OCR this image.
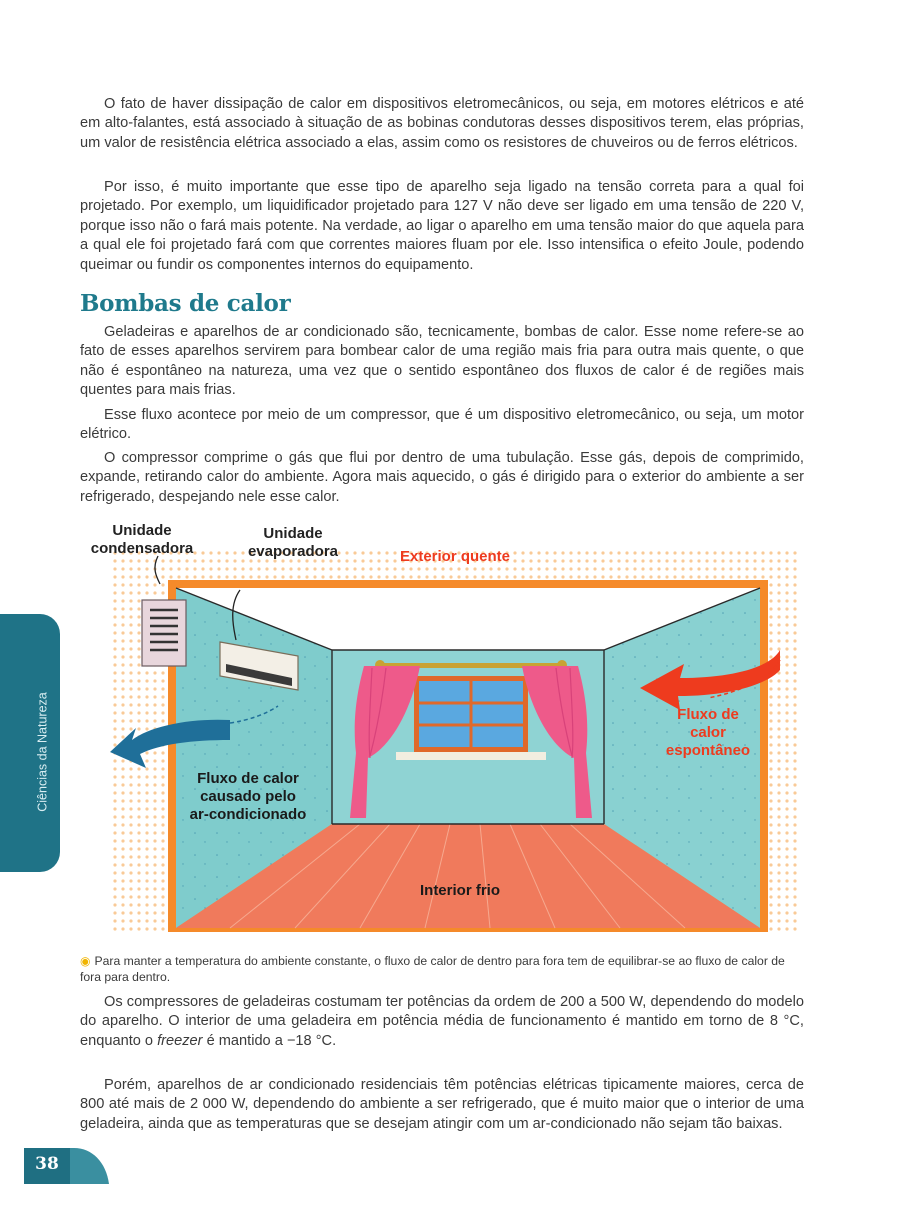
O fato de haver dissipação de calor em dispositivos eletromecânicos, ou seja, em motores elétricos e até em alto-falantes, está associado à situação de as bobinas condutoras desses dispositivos terem, elas próprias, um valor de resistência elétrica associado a elas, assim como os resistores de chuveiros ou de ferros elétricos.

Por isso, é muito importante que esse tipo de aparelho seja ligado na tensão correta para a qual foi projetado. Por exemplo, um liquidificador projetado para 127 V não deve ser ligado em uma tensão de 220 V, porque isso não o fará mais potente. Na verdade, ao ligar o aparelho em uma tensão maior do que aquela para a qual ele foi projetado fará com que correntes maiores fluam por ele. Isso intensifica o efeito Joule, podendo queimar ou fundir os componentes internos do equipamento.

Bombas de calor

Geladeiras e aparelhos de ar condicionado são, tecnicamente, bombas de calor. Esse nome refere-se ao fato de esses aparelhos servirem para bombear calor de uma região mais fria para outra mais quente, o que não é espontâneo na natureza, uma vez que o sentido espontâneo dos fluxos de calor é de regiões mais quentes para mais frias.

Esse fluxo acontece por meio de um compressor, que é um dispositivo eletromecânico, ou seja, um motor elétrico.

O compressor comprime o gás que flui por dentro de uma tubulação. Esse gás, depois de comprimido, expande, retirando calor do ambiente. Agora mais aquecido, o gás é dirigido para o exterior do ambiente a ser refrigerado, despejando nele esse calor.

Ciências da Natureza
Unidade
condensadora
Unidade
evaporadora	Exterior quente
Fluxo de
calor
espontâneo
Fluxo de calor
causado pelo
ar-condicionado
Interior frio
◉ Para manter a temperatura do ambiente constante, o fluxo de calor de dentro para fora tem de equilibrar-se ao fluxo de calor de fora para dentro.

Os compressores de geladeiras costumam ter potências da ordem de 200 a 500 W, dependendo do modelo do aparelho. O interior de uma geladeira em potência média de funcionamento é mantido em torno de 8 °C, enquanto o freezer é mantido a −18 °C.

Porém, aparelhos de ar condicionado residenciais têm potências elétricas tipicamente maiores, cerca de 800 até mais de 2 000 W, dependendo do ambiente a ser refrigerado, que é muito maior que o interior de uma geladeira, ainda que as temperaturas que se desejam atingir com um ar-condicionado não sejam tão baixas.

38
